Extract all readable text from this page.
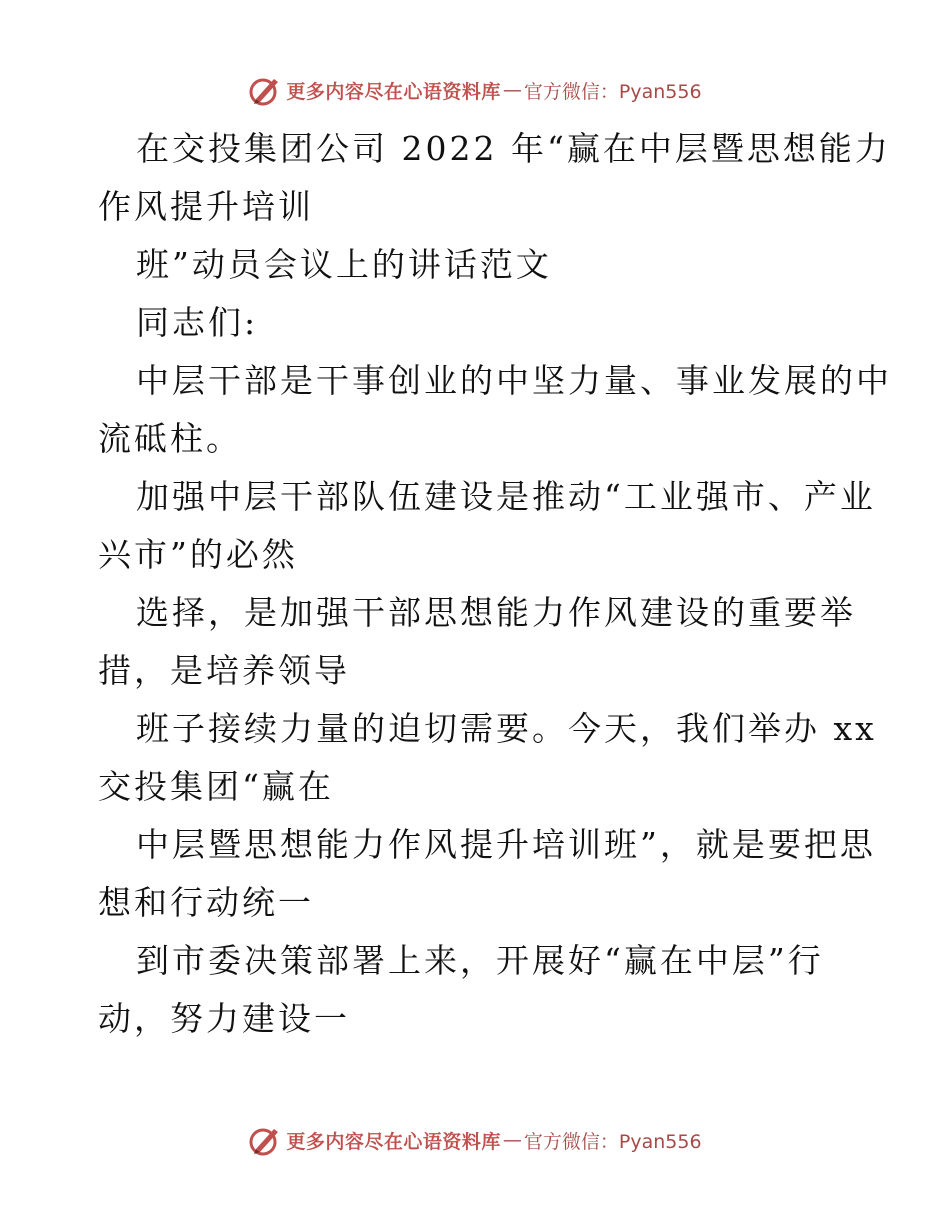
更多内容尽在心语资料库 — 官方微信：Pyan556
在交投集团公司 2022 年“赢在中层暨思想能力
作风提升培训
班”动员会议上的讲话范文
同志们:
中层干部是干事创业的中坚力量、事业发展的中
流砥柱。
加强中层干部队伍建设是推动“工业强市、产业
兴市”的必然
选择，是加强干部思想能力作风建设的重要举
措，是培养领导
班子接续力量的迫切需要。今天，我们举办 xx
交投集团“赢在
中层暨思想能力作风提升培训班”，就是要把思
想和行动统一
到市委决策部署上来，开展好“赢在中层”行
动，努力建设一
更多内容尽在心语资料库 — 官方微信：Pyan556
